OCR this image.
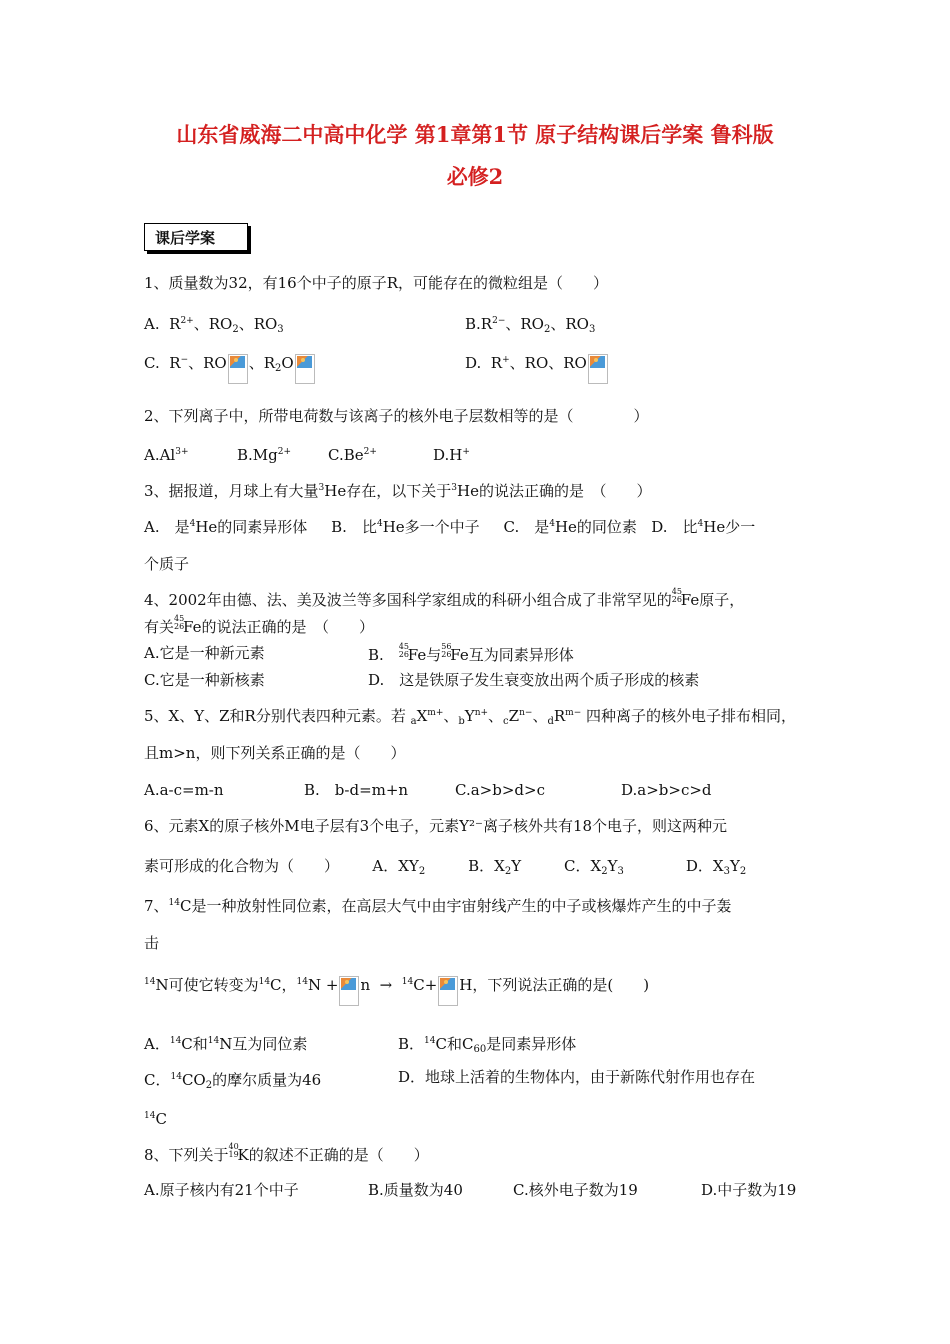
山东省威海二中高中化学 第1章第1节 原子结构课后学案 鲁科版
必修2
课后学案
1、质量数为32，有16个中子的原子R，可能存在的微粒组是（　　）
A.  $R^{2+}$、$RO_2$、$RO_3$	$B.R^{2-}$、$RO_2$、$RO_3$
C.  R−、RO 、$R_2O$	D.  R+、RO、RO
2、下列离子中，所带电荷数与该离子的核外电子层数相等的是（　　　　）
$A.Al^{3+}$	$B.Mg^{2+}$ $C.Be^{2+}$	D.H+
3、据报道，月球上有大量$^3$He存在，以下关于$^3$He的说法正确的是　（　　）
A.　是$^4$He的同素异形体 B.　比$^4$He多一个中子 C.　是$^4$He的同位素 D.　比$^4$He少一
个质子
4、2002年由德、法、美及波兰等多国科学家组成的科研小组合成了非常罕见的 45
26
Fe原子，
有关 45
26
Fe的说法正确的是　（　　）
A.它是一种新元素	B.　 45
26
Fe与 56
26
Fe互为同素异形体
C.它是一种新核素	D.　这是铁原子发生衰变放出两个质子形成的核素
5、X、Y、Z和R分别代表四种元素。若 $_aX^{m+}$、$_bY^{n+}$、$_cZ^{n-}$、$_dR^{m-}$ 四种离子的核外电子排布相同，
且m>n，则下列关系正确的是（　　）
A.a-c=m-n	B.　b-d=m+n	C.a>b>d>c	D.a>b>c>d
6、元素X的原子核外M电子层有3个电子，元素Y²⁻离子核外共有18个电子，则这两种元
素可形成的化合物为（　　） A．$XY_2$	B．$X_2Y$	C．$X_2Y_3$	D．$X_3Y_2$
7、$^{14}$C是一种放射性同位素，在高层大气中由宇宙射线产生的中子或核爆炸产生的中子轰
击
$^{14}$N可使它转变为$^{14}$C，$^{14}$N + n → $^{14}$C+ H，下列说法正确的是(　　)
A．$^{14}$C和$^{14}$N互为同位素	B．$^{14}$C和$C_{60}$是同素异形体
C．$^{14}CO_2$的摩尔质量为46	D．地球上活着的生物体内，由于新陈代射作用也存在
$^{14}$C
8、下列关于 40
19
K的叙述不正确的是（　　）
A.原子核内有21个中子	B.质量数为40	C.核外电子数为19	D.中子数为19
